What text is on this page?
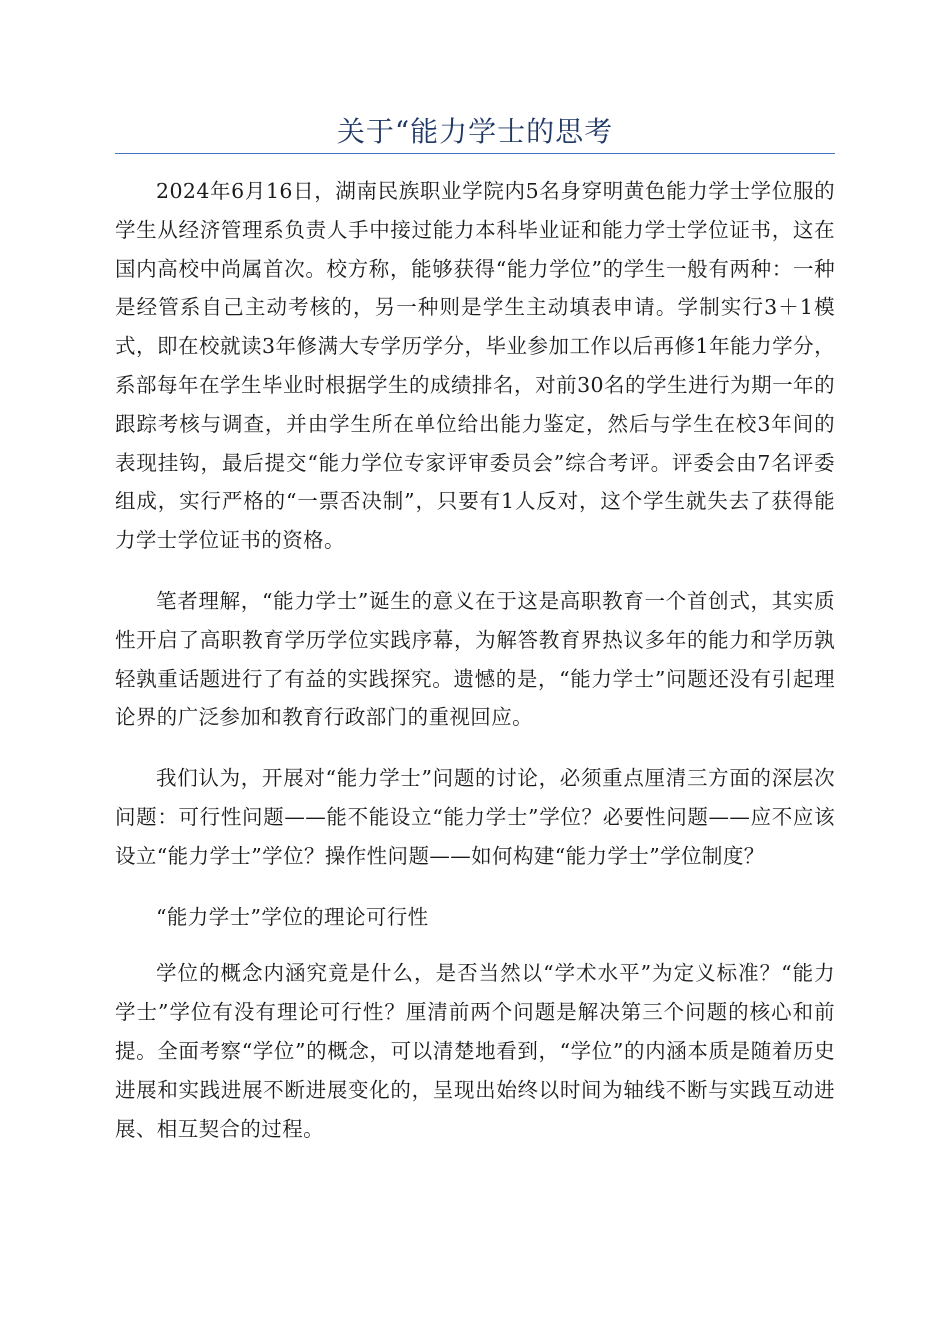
关于“能力学士的思考

2024年6月16日，湖南民族职业学院内5名身穿明黄色能力学士学位服的学生从经济管理系负责人手中接过能力本科毕业证和能力学士学位证书，这在国内高校中尚属首次。校方称，能够获得“能力学位”的学生一般有两种：一种是经管系自己主动考核的，另一种则是学生主动填表申请。学制实行3＋1模式，即在校就读3年修满大专学历学分，毕业参加工作以后再修1年能力学分，系部每年在学生毕业时根据学生的成绩排名，对前30名的学生进行为期一年的跟踪考核与调查，并由学生所在单位给出能力鉴定，然后与学生在校3年间的表现挂钩，最后提交“能力学位专家评审委员会”综合考评。评委会由7名评委组成，实行严格的“一票否决制”，只要有1人反对，这个学生就失去了获得能力学士学位证书的资格。

笔者理解，“能力学士”诞生的意义在于这是高职教育一个首创式，其实质性开启了高职教育学历学位实践序幕，为解答教育界热议多年的能力和学历孰轻孰重话题进行了有益的实践探究。遗憾的是，“能力学士”问题还没有引起理论界的广泛参加和教育行政部门的重视回应。

我们认为，开展对“能力学士”问题的讨论，必须重点厘清三方面的深层次问题：可行性问题——能不能设立“能力学士”学位？必要性问题——应不应该设立“能力学士”学位？操作性问题——如何构建“能力学士”学位制度？

“能力学士”学位的理论可行性

学位的概念内涵究竟是什么，是否当然以“学术水平”为定义标准？“能力学士”学位有没有理论可行性？厘清前两个问题是解决第三个问题的核心和前提。全面考察“学位”的概念，可以清楚地看到，“学位”的内涵本质是随着历史进展和实践进展不断进展变化的，呈现出始终以时间为轴线不断与实践互动进展、相互契合的过程。
